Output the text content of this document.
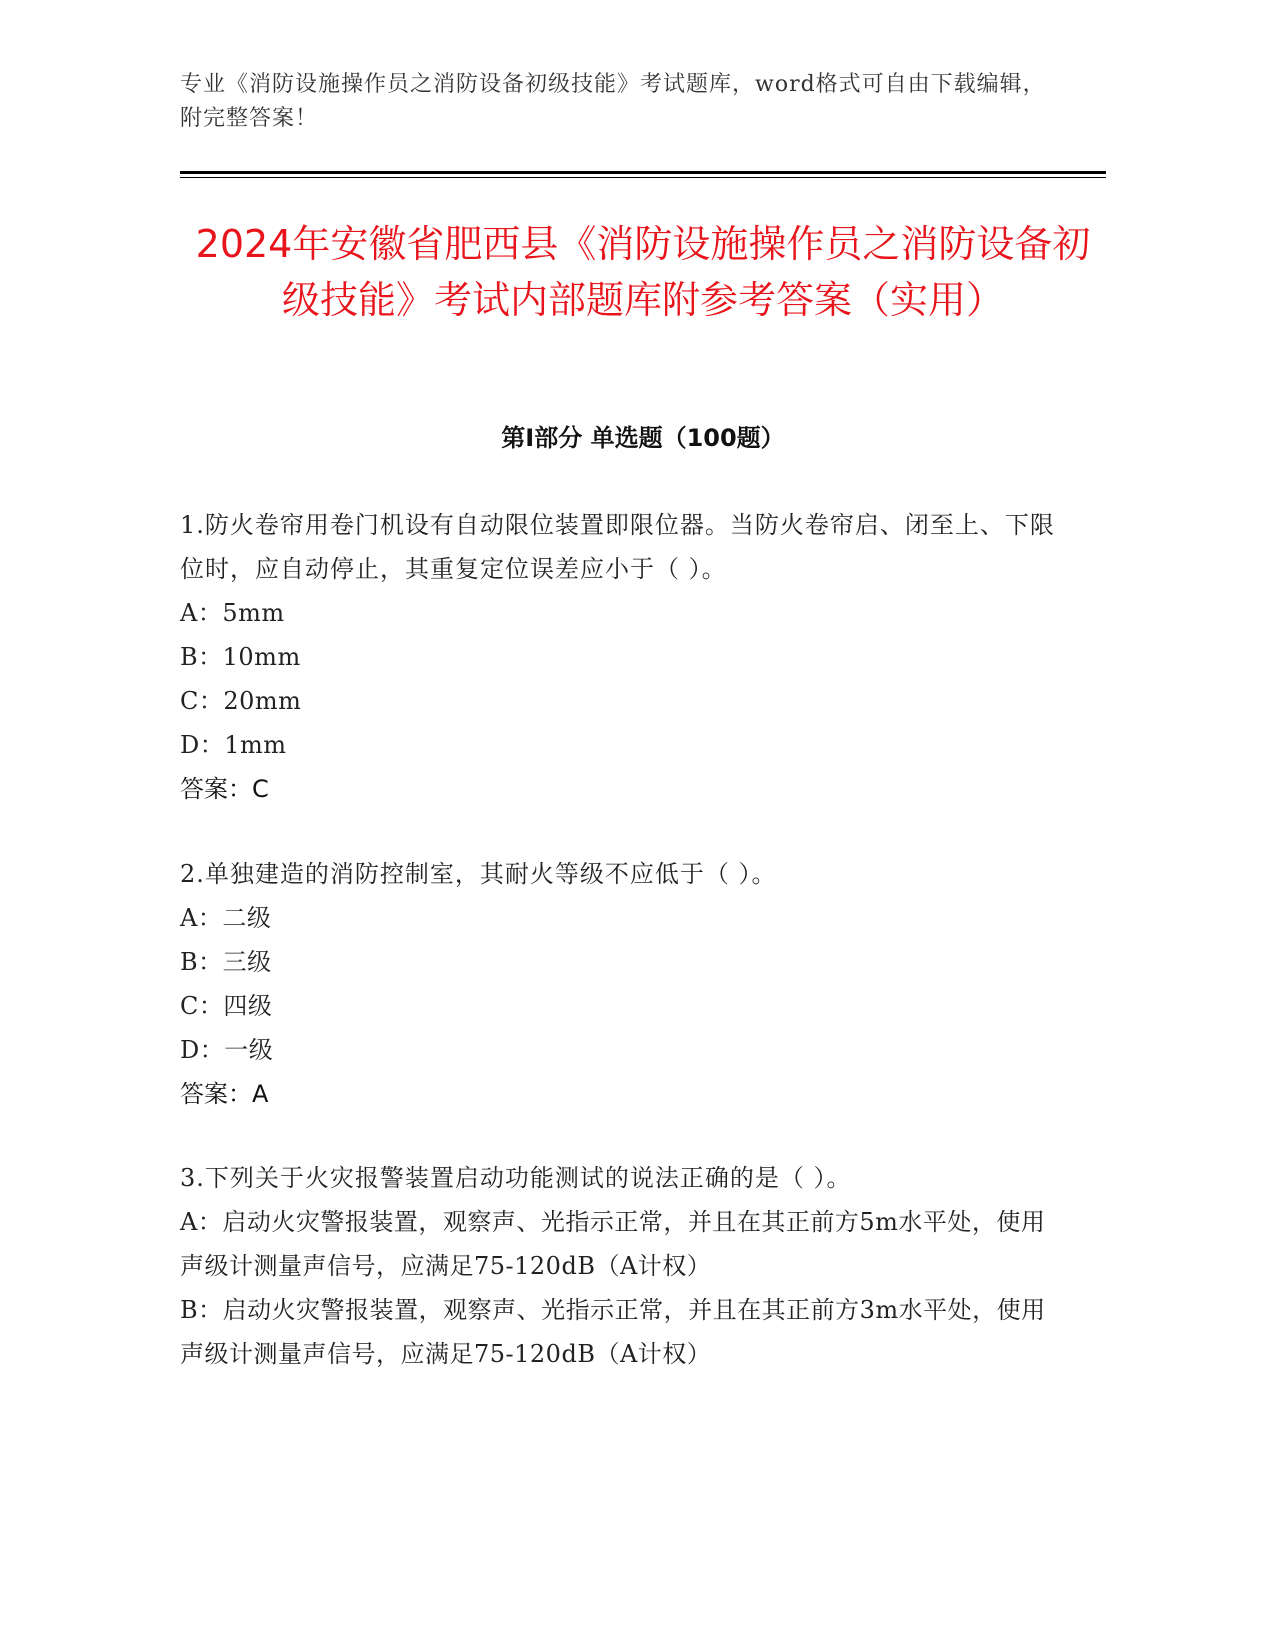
专业《消防设施操作员之消防设备初级技能》考试题库，word格式可自由下载编辑，附完整答案！
2024年安徽省肥西县《消防设施操作员之消防设备初级技能》考试内部题库附参考答案（实用）
第I部分 单选题（100题）
1.防火卷帘用卷门机设有自动限位装置即限位器。当防火卷帘启、闭至上、下限位时，应自动停止，其重复定位误差应小于（ ）。
A：5mm
B：10mm
C：20mm
D：1mm
答案：C
2.单独建造的消防控制室，其耐火等级不应低于（ ）。
A：二级
B：三级
C：四级
D：一级
答案：A
3.下列关于火灾报警装置启动功能测试的说法正确的是（ ）。
A：启动火灾警报装置，观察声、光指示正常，并且在其正前方5m水平处，使用声级计测量声信号，应满足75-120dB（A计权）
B：启动火灾警报装置，观察声、光指示正常，并且在其正前方3m水平处，使用声级计测量声信号，应满足75-120dB（A计权）
